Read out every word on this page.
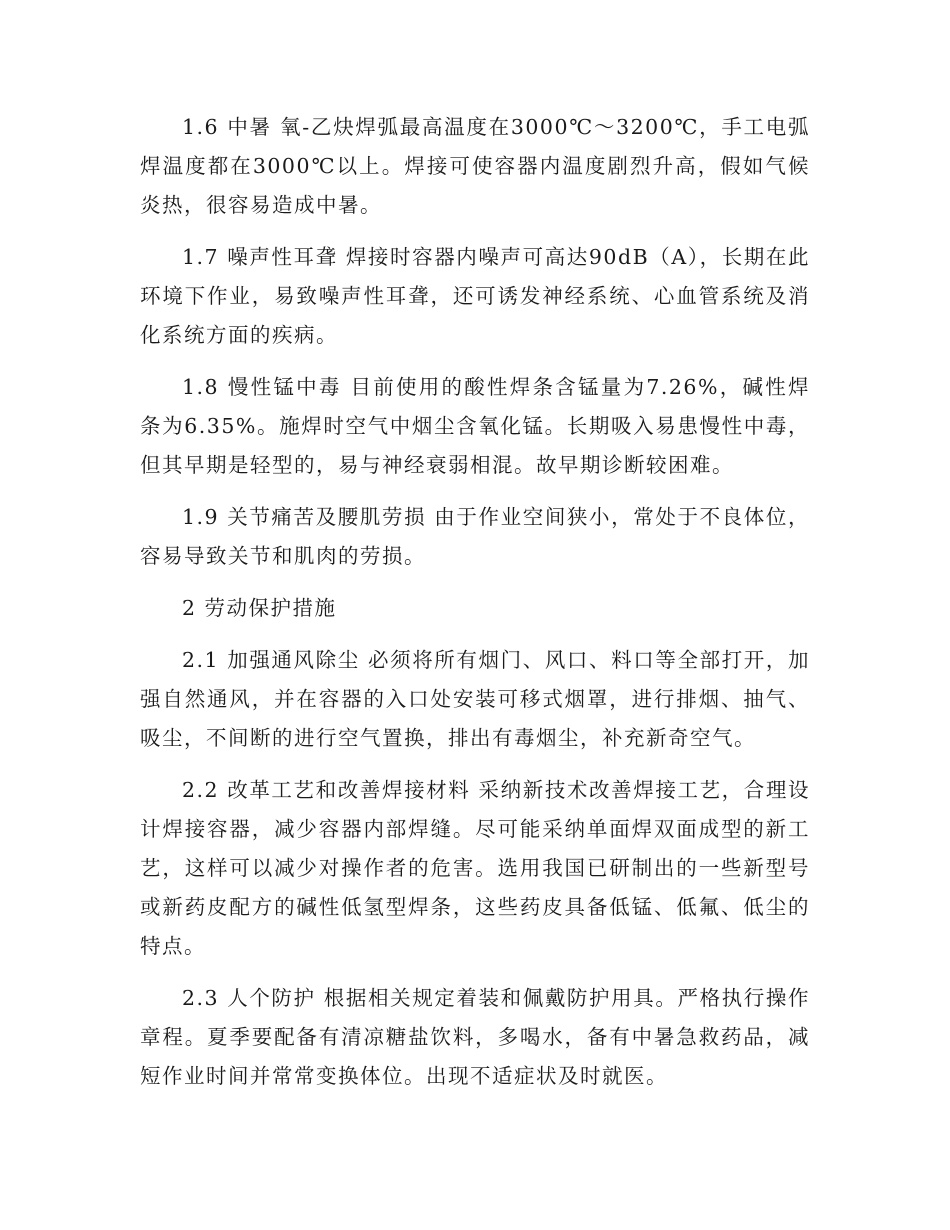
1.6 中暑 氧-乙炔焊弧最高温度在3000℃～3200℃，手工电弧焊温度都在3000℃以上。焊接可使容器内温度剧烈升高，假如气候炎热，很容易造成中暑。

1.7 噪声性耳聋 焊接时容器内噪声可高达90dB（A），长期在此环境下作业，易致噪声性耳聋，还可诱发神经系统、心血管系统及消化系统方面的疾病。

1.8 慢性锰中毒 目前使用的酸性焊条含锰量为7.26%，碱性焊条为6.35%。施焊时空气中烟尘含氧化锰。长期吸入易患慢性中毒，但其早期是轻型的，易与神经衰弱相混。故早期诊断较困难。

1.9 关节痛苦及腰肌劳损 由于作业空间狭小，常处于不良体位，容易导致关节和肌肉的劳损。

2 劳动保护措施

2.1 加强通风除尘 必须将所有烟门、风口、料口等全部打开，加强自然通风，并在容器的入口处安装可移式烟罩，进行排烟、抽气、吸尘，不间断的进行空气置换，排出有毒烟尘，补充新奇空气。

2.2 改革工艺和改善焊接材料 采纳新技术改善焊接工艺，合理设计焊接容器，减少容器内部焊缝。尽可能采纳单面焊双面成型的新工艺，这样可以减少对操作者的危害。选用我国已研制出的一些新型号或新药皮配方的碱性低氢型焊条，这些药皮具备低锰、低氟、低尘的特点。

2.3 人个防护 根据相关规定着装和佩戴防护用具。严格执行操作章程。夏季要配备有清凉糖盐饮料，多喝水，备有中暑急救药品，减短作业时间并常常变换体位。出现不适症状及时就医。
